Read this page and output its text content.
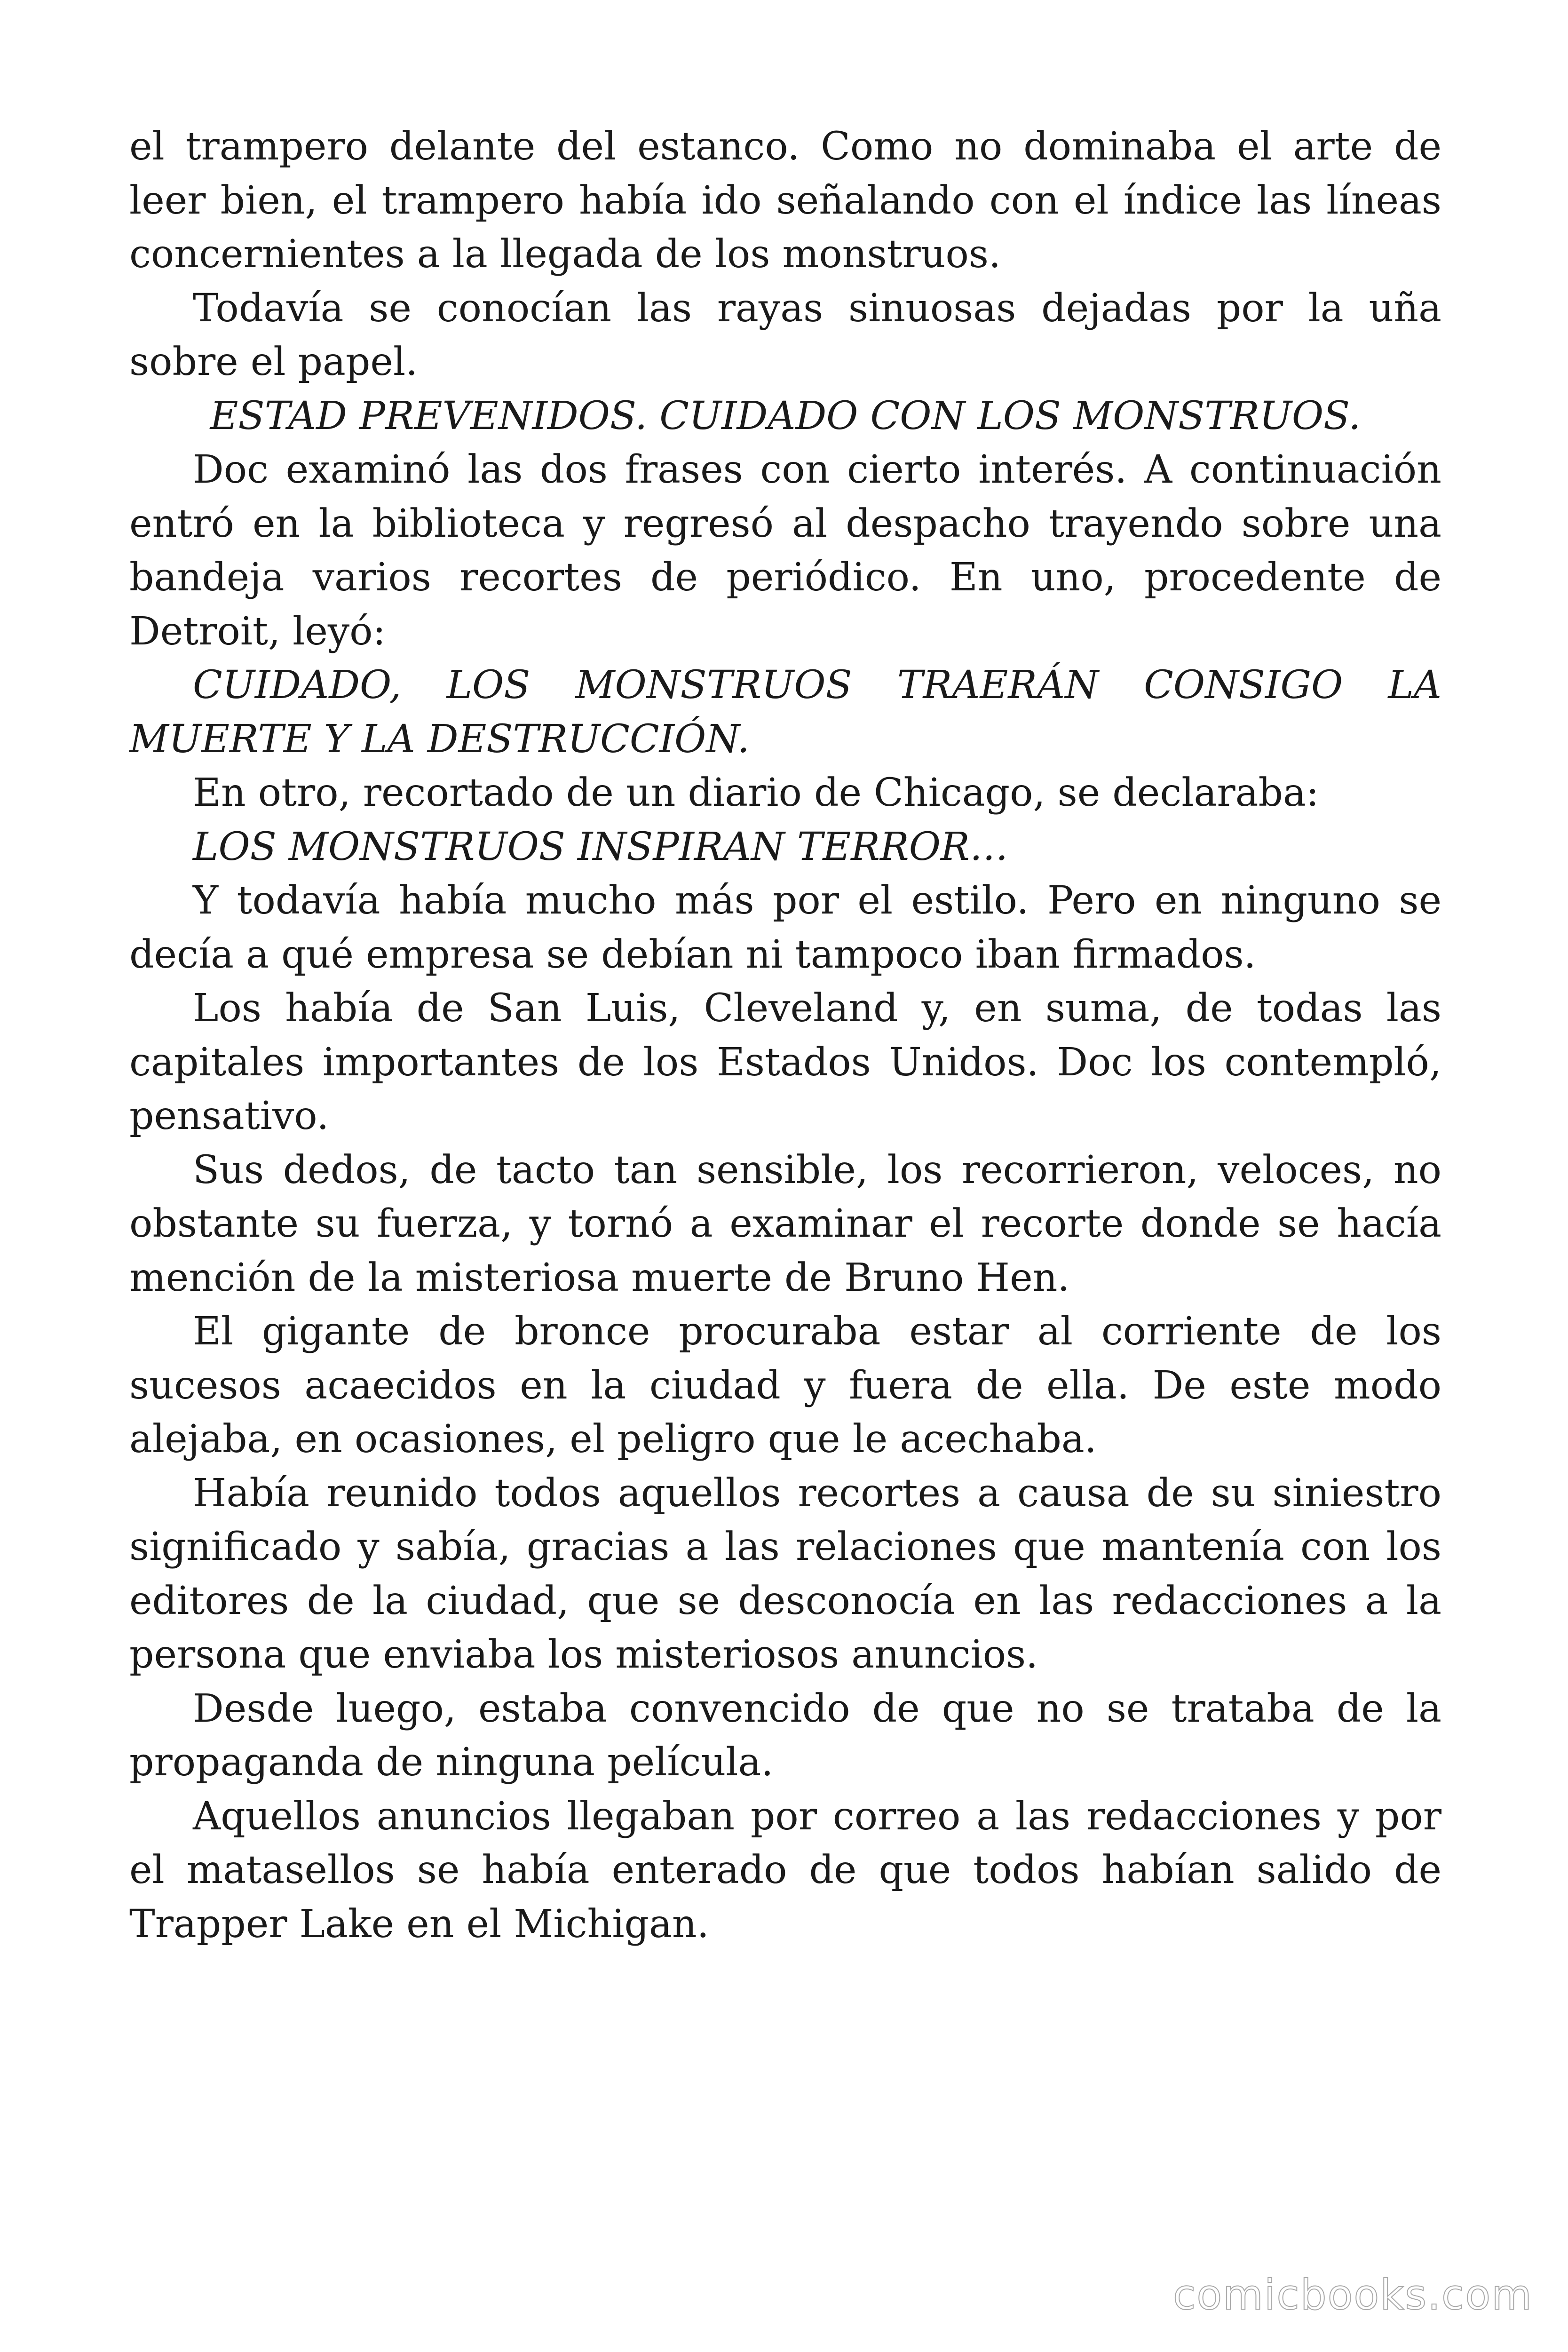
el trampero delante del estanco. Como no dominaba el arte de leer bien, el trampero había ido señalando con el índice las líneas concernientes a la llegada de los monstruos.

Todavía se conocían las rayas sinuosas dejadas por la uña sobre el papel.

ESTAD PREVENIDOS. CUIDADO CON LOS MONSTRUOS.

Doc examinó las dos frases con cierto interés. A continuación entró en la biblioteca y regresó al despacho trayendo sobre una bandeja varios recortes de periódico. En uno, procedente de Detroit, leyó:

CUIDADO, LOS MONSTRUOS TRAERÁN CONSIGO LA MUERTE Y LA DESTRUCCIÓN.

En otro, recortado de un diario de Chicago, se declaraba:

LOS MONSTRUOS INSPIRAN TERROR…

Y todavía había mucho más por el estilo. Pero en ninguno se decía a qué empresa se debían ni tampoco iban firmados.

Los había de San Luis, Cleveland y, en suma, de todas las capitales importantes de los Estados Unidos. Doc los contempló, pensativo.

Sus dedos, de tacto tan sensible, los recorrieron, veloces, no obstante su fuerza, y tornó a examinar el recorte donde se hacía mención de la misteriosa muerte de Bruno Hen.

El gigante de bronce procuraba estar al corriente de los sucesos acaecidos en la ciudad y fuera de ella. De este modo alejaba, en ocasiones, el peligro que le acechaba.

Había reunido todos aquellos recortes a causa de su siniestro significado y sabía, gracias a las relaciones que mantenía con los editores de la ciudad, que se desconocía en las redacciones a la persona que enviaba los misteriosos anuncios.

Desde luego, estaba convencido de que no se trataba de la propaganda de ninguna película.

Aquellos anuncios llegaban por correo a las redacciones y por el matasellos se había enterado de que todos habían salido de Trapper Lake en el Michigan.

comicbooks.com
